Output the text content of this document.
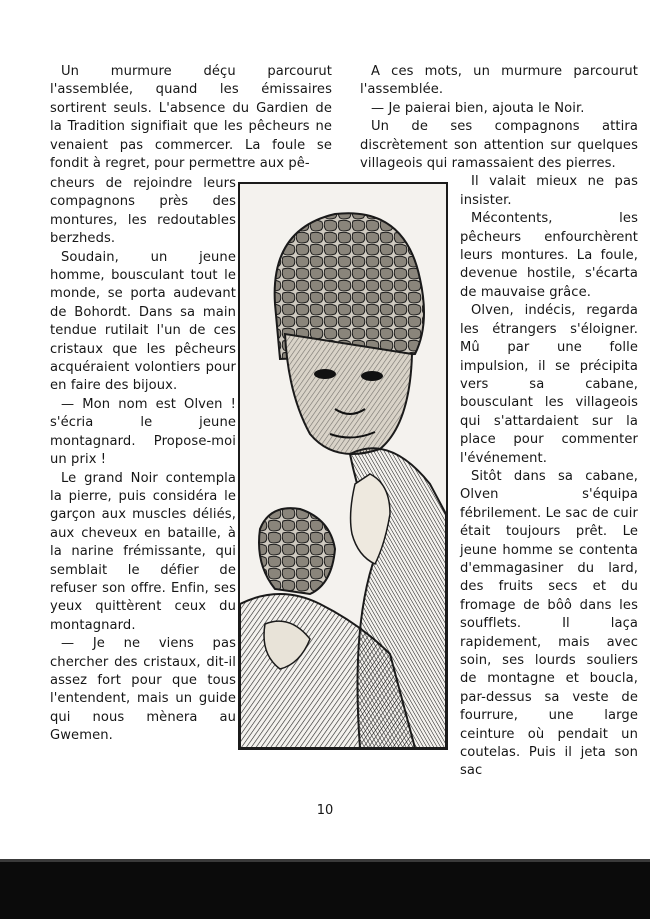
Un murmure déçu parcourut l'assemblée, quand les émissaires sortirent seuls. L'absence du Gardien de la Tradition signifiait que les pêcheurs ne venaient pas commercer. La foule se fondit à regret, pour permettre aux pê-

cheurs de rejoindre leurs compagnons près des montures, les redoutables berzheds.

Soudain, un jeune homme, bousculant tout le monde, se porta audevant de Bohordt. Dans sa main tendue rutilait l'un de ces cristaux que les pêcheurs acquéraient volontiers pour en faire des bijoux.

— Mon nom est Olven ! s'écria le jeune montagnard. Propose-moi un prix !

Le grand Noir contempla la pierre, puis considéra le garçon aux muscles déliés, aux cheveux en bataille, à la narine frémissante, qui semblait le défier de refuser son offre. Enfin, ses yeux quittèrent ceux du montagnard.

— Je ne viens pas chercher des cristaux, dit-il assez fort pour que tous l'entendent, mais un guide qui nous mènera au Gwemen.

A ces mots, un murmure parcourut l'assemblée.

— Je paierai bien, ajouta le Noir.

Un de ses compagnons attira discrètement son attention sur quelques villageois qui ramassaient des pierres.

Il valait mieux ne pas insister.

Mécontents, les pêcheurs enfourchèrent leurs montures. La foule, devenue hostile, s'écarta de mauvaise grâce.

Olven, indécis, regarda les étrangers s'éloigner. Mû par une folle impulsion, il se précipita vers sa cabane, bousculant les villageois qui s'attardaient sur la place pour commenter l'événement.

Sitôt dans sa cabane, Olven s'équipa fébrilement. Le sac de cuir était toujours prêt. Le jeune homme se contenta d'emmagasiner du lard, des fruits secs et du fromage de bôô dans les soufflets. Il laça rapidement, mais avec soin, ses lourds souliers de montagne et boucla, par-dessus sa veste de fourrure, une large ceinture où pendait un coutelas. Puis il jeta son sac

10
